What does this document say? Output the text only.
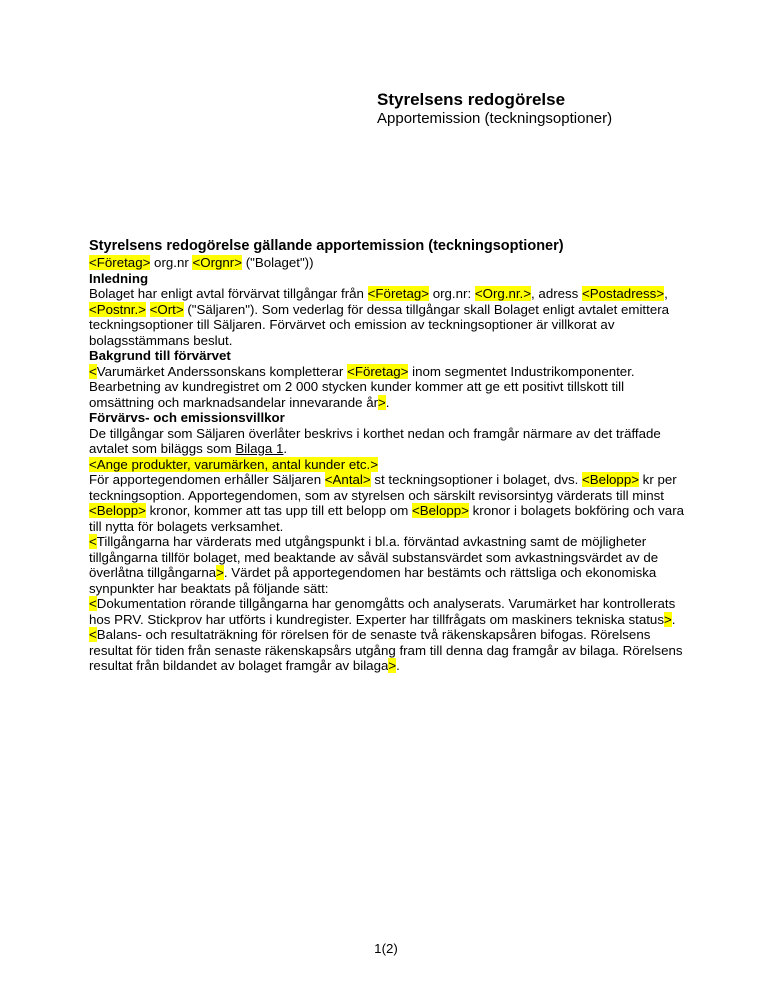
Styrelsens redogörelse
Apportemission (teckningsoptioner)
Styrelsens redogörelse gällande apportemission (teckningsoptioner)

<Företag> org.nr <Orgnr> ("Bolaget"))

Inledning

Bolaget har enligt avtal förvärvat tillgångar från <Företag> org.nr: <Org.nr.>, adress <Postadress>, <Postnr.> <Ort> ("Säljaren"). Som vederlag för dessa tillgångar skall Bolaget enligt avtalet emittera teckningsoptioner till Säljaren. Förvärvet och emission av teckningsoptioner är villkorat av bolagsstämmans beslut.

Bakgrund till förvärvet

<Varumärket Anderssonskans kompletterar <Företag> inom segmentet Industrikomponenter. Bearbetning av kundregistret om 2 000 stycken kunder kommer att ge ett positivt tillskott till omsättning och marknadsandelar innevarande år>.

Förvärvs- och emissionsvillkor

De tillgångar som Säljaren överlåter beskrivs i korthet nedan och framgår närmare av det träffade avtalet som biläggs som Bilaga 1.

<Ange produkter, varumärken, antal kunder etc.>

För apportegendomen erhåller Säljaren <Antal> st teckningsoptioner i bolaget, dvs. <Belopp> kr per teckningsoption. Apportegendomen, som av styrelsen och särskilt revisorsintyg värderats till minst <Belopp> kronor, kommer att tas upp till ett belopp om <Belopp> kronor i bolagets bokföring och vara till nytta för bolagets verksamhet.

<Tillgångarna har värderats med utgångspunkt i bl.a. förväntad avkastning samt de möjligheter tillgångarna tillför bolaget, med beaktande av såväl substansvärdet som avkastningsvärdet av de överlåtna tillgångarna>. Värdet på apportegendomen har bestämts och rättsliga och ekonomiska synpunkter har beaktats på följande sätt:

<Dokumentation rörande tillgångarna har genomgåtts och analyserats. Varumärket har kontrollerats hos PRV. Stickprov har utförts i kundregister. Experter har tillfrågats om maskiners tekniska status>.

<Balans- och resultaträkning för rörelsen för de senaste två räkenskapsåren bifogas. Rörelsens resultat för tiden från senaste räkenskapsårs utgång fram till denna dag framgår av bilaga. Rörelsens resultat från bildandet av bolaget framgår av bilaga>.

1(2)
